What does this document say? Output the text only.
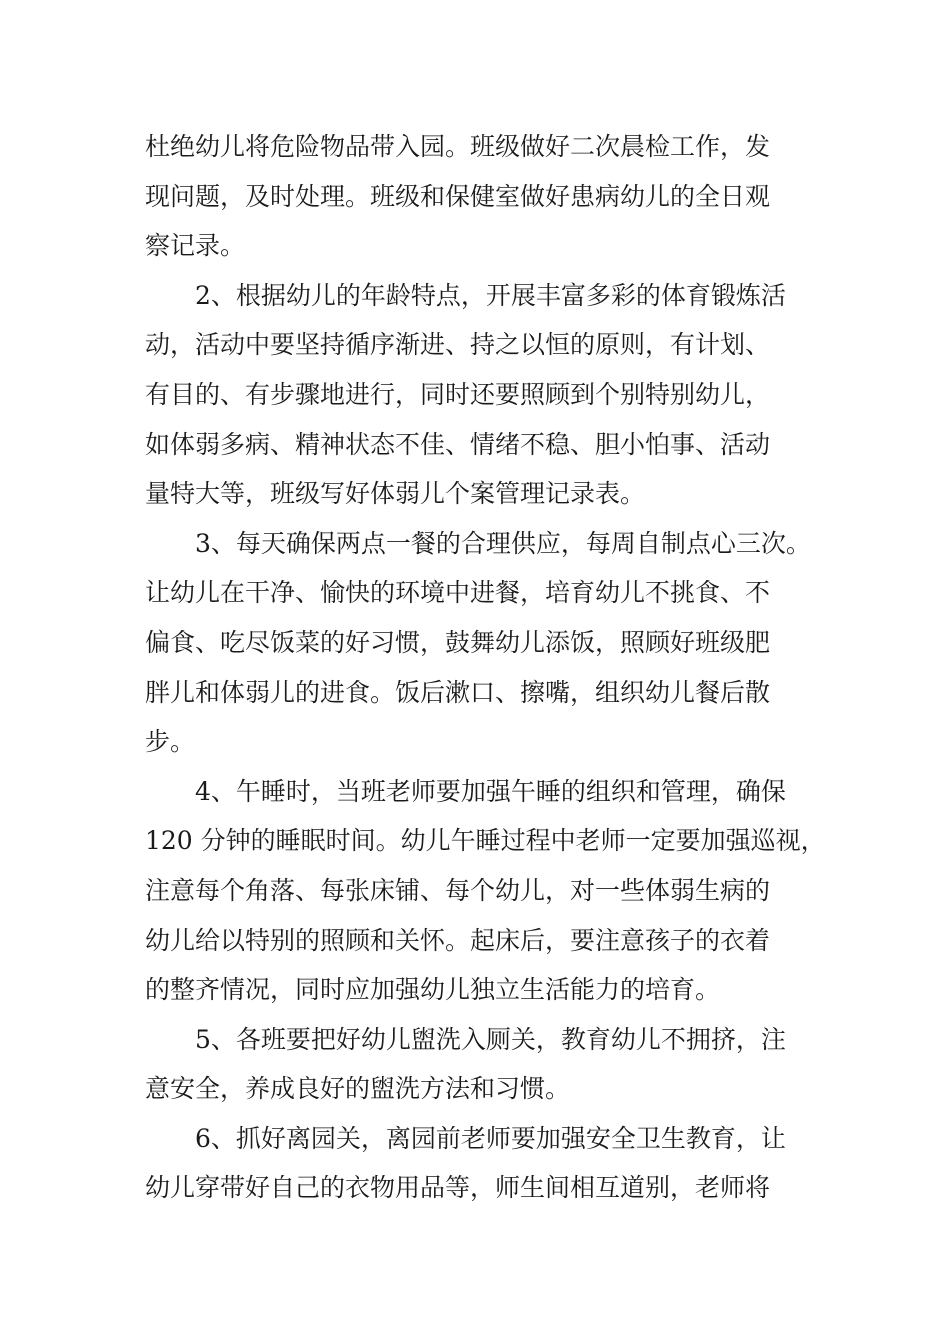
杜绝幼儿将危险物品带入园。班级做好二次晨检工作，发
现问题，及时处理。班级和保健室做好患病幼儿的全日观
察记录。
2、根据幼儿的年龄特点，开展丰富多彩的体育锻炼活
动，活动中要坚持循序渐进、持之以恒的原则，有计划、
有目的、有步骤地进行，同时还要照顾到个别特别幼儿，
如体弱多病、精神状态不佳、情绪不稳、胆小怕事、活动
量特大等，班级写好体弱儿个案管理记录表。
3、每天确保两点一餐的合理供应，每周自制点心三次。
让幼儿在干净、愉快的环境中进餐，培育幼儿不挑食、不
偏食、吃尽饭菜的好习惯，鼓舞幼儿添饭，照顾好班级肥
胖儿和体弱儿的进食。饭后漱口、擦嘴，组织幼儿餐后散
步。
4、午睡时，当班老师要加强午睡的组织和管理，确保
120 分钟的睡眠时间。幼儿午睡过程中老师一定要加强巡视，
注意每个角落、每张床铺、每个幼儿，对一些体弱生病的
幼儿给以特别的照顾和关怀。起床后，要注意孩子的衣着
的整齐情况，同时应加强幼儿独立生活能力的培育。
5、各班要把好幼儿盥洗入厕关，教育幼儿不拥挤，注
意安全，养成良好的盥洗方法和习惯。
6、抓好离园关，离园前老师要加强安全卫生教育，让
幼儿穿带好自己的衣物用品等，师生间相互道别，老师将
